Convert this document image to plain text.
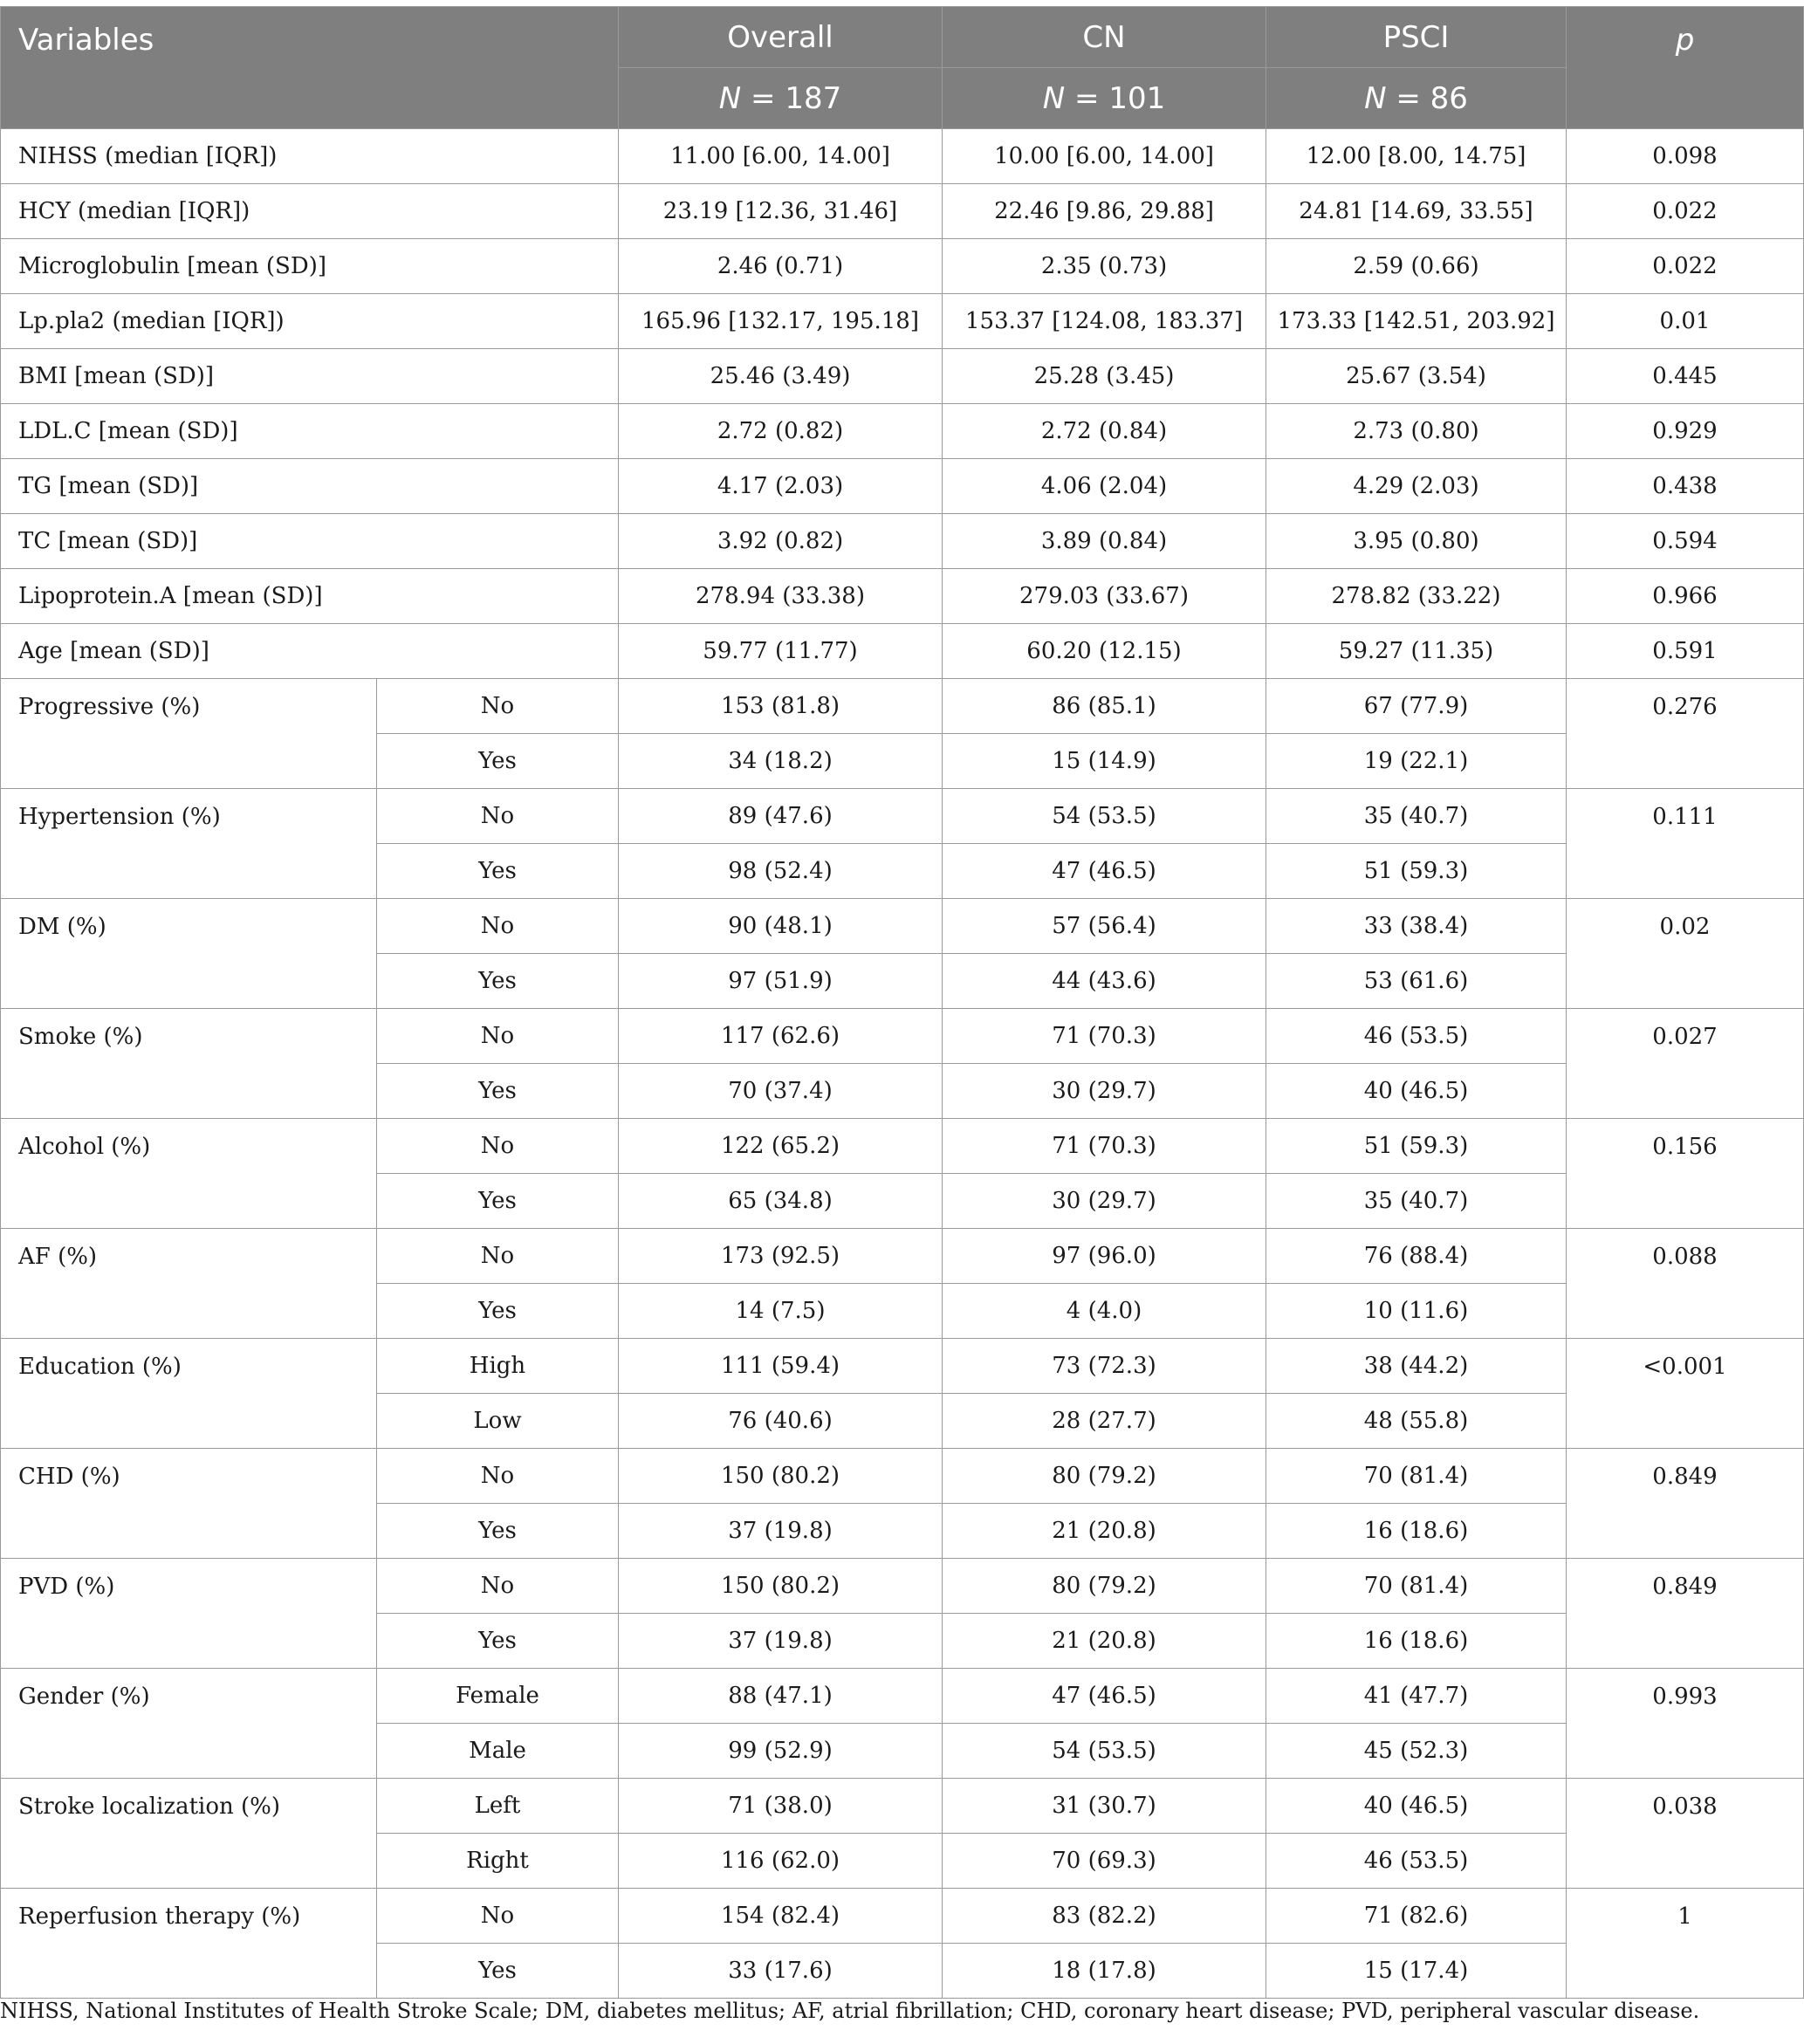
Variables		Overall	CN	PSCI	p
		N = 187	N = 101	N = 86	
NIHSS (median [IQR])		11.00 [6.00, 14.00]	10.00 [6.00, 14.00]	12.00 [8.00, 14.75]	0.098
HCY (median [IQR])		23.19 [12.36, 31.46]	22.46 [9.86, 29.88]	24.81 [14.69, 33.55]	0.022
Microglobulin [mean (SD)]		2.46 (0.71)	2.35 (0.73)	2.59 (0.66)	0.022
Lp.pla2 (median [IQR])		165.96 [132.17, 195.18]	153.37 [124.08, 183.37]	173.33 [142.51, 203.92]	0.01
BMI [mean (SD)]		25.46 (3.49)	25.28 (3.45)	25.67 (3.54)	0.445
LDL.C [mean (SD)]		2.72 (0.82)	2.72 (0.84)	2.73 (0.80)	0.929
TG [mean (SD)]		4.17 (2.03)	4.06 (2.04)	4.29 (2.03)	0.438
TC [mean (SD)]		3.92 (0.82)	3.89 (0.84)	3.95 (0.80)	0.594
Lipoprotein.A [mean (SD)]		278.94 (33.38)	279.03 (33.67)	278.82 (33.22)	0.966
Age [mean (SD)]		59.77 (11.77)	60.20 (12.15)	59.27 (11.35)	0.591
Progressive (%)	No	153 (81.8)	86 (85.1)	67 (77.9)	0.276
	Yes	34 (18.2)	15 (14.9)	19 (22.1)	
Hypertension (%)	No	89 (47.6)	54 (53.5)	35 (40.7)	0.111
	Yes	98 (52.4)	47 (46.5)	51 (59.3)	
DM (%)	No	90 (48.1)	57 (56.4)	33 (38.4)	0.02
	Yes	97 (51.9)	44 (43.6)	53 (61.6)	
Smoke (%)	No	117 (62.6)	71 (70.3)	46 (53.5)	0.027
	Yes	70 (37.4)	30 (29.7)	40 (46.5)	
Alcohol (%)	No	122 (65.2)	71 (70.3)	51 (59.3)	0.156
	Yes	65 (34.8)	30 (29.7)	35 (40.7)	
AF (%)	No	173 (92.5)	97 (96.0)	76 (88.4)	0.088
	Yes	14 (7.5)	4 (4.0)	10 (11.6)	
Education (%)	High	111 (59.4)	73 (72.3)	38 (44.2)	<0.001
	Low	76 (40.6)	28 (27.7)	48 (55.8)	
CHD (%)	No	150 (80.2)	80 (79.2)	70 (81.4)	0.849
	Yes	37 (19.8)	21 (20.8)	16 (18.6)	
PVD (%)	No	150 (80.2)	80 (79.2)	70 (81.4)	0.849
	Yes	37 (19.8)	21 (20.8)	16 (18.6)	
Gender (%)	Female	88 (47.1)	47 (46.5)	41 (47.7)	0.993
	Male	99 (52.9)	54 (53.5)	45 (52.3)	
Stroke localization (%)	Left	71 (38.0)	31 (30.7)	40 (46.5)	0.038
	Right	116 (62.0)	70 (69.3)	46 (53.5)	
Reperfusion therapy (%)	No	154 (82.4)	83 (82.2)	71 (82.6)	1
	Yes	33 (17.6)	18 (17.8)	15 (17.4)	
NIHSS, National Institutes of Health Stroke Scale; DM, diabetes mellitus; AF, atrial fibrillation; CHD, coronary heart disease; PVD, peripheral vascular disease.
